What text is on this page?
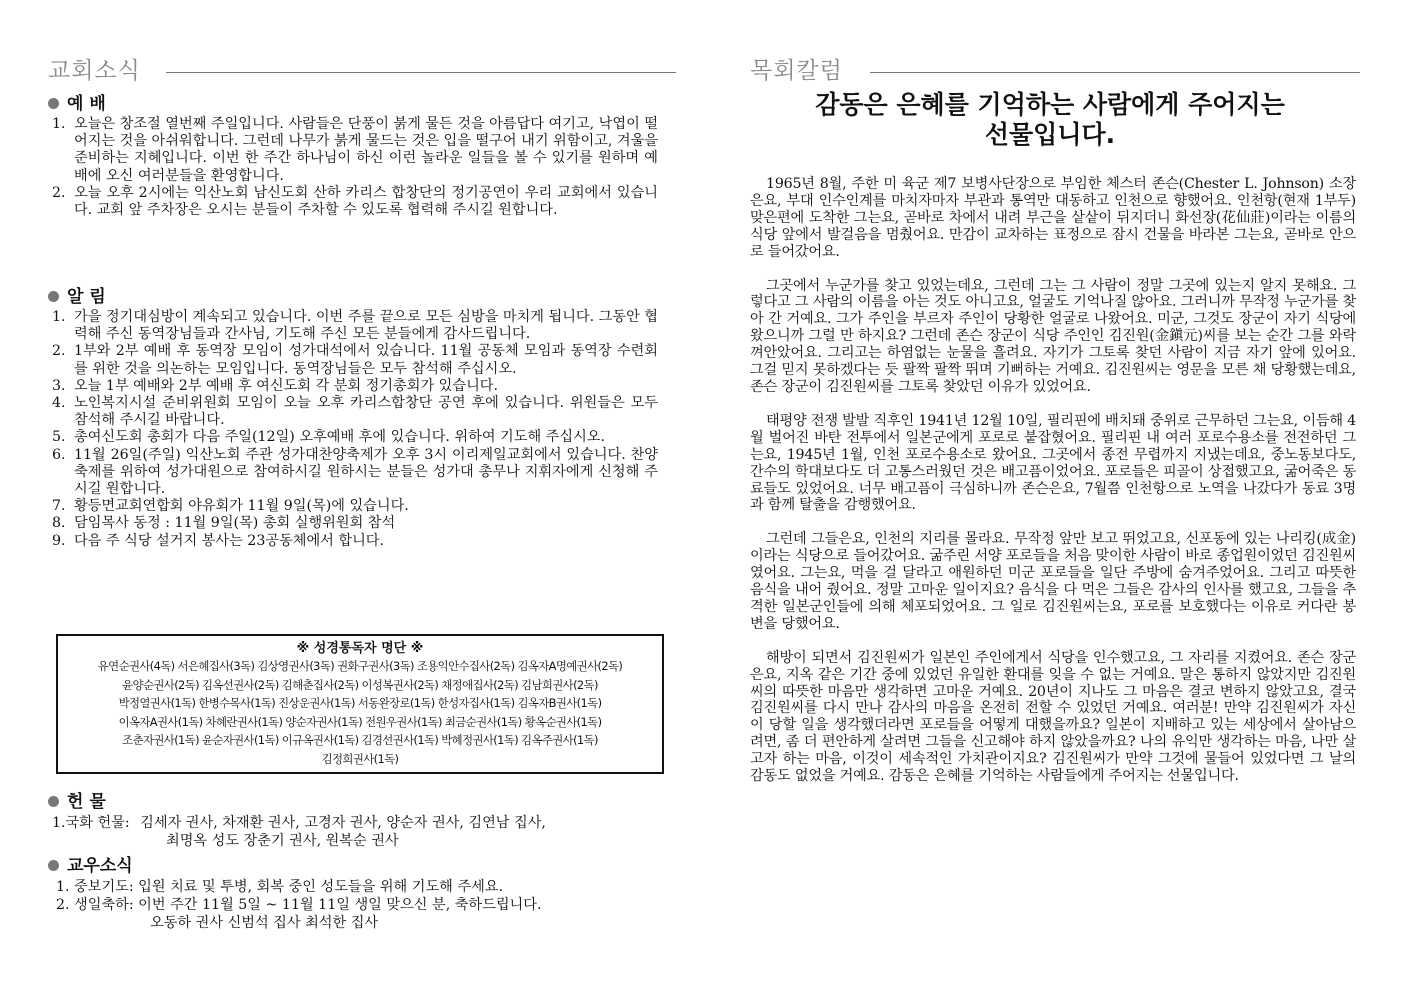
교회소식
예 배
1. 오늘은 창조절 열번째 주일입니다. 사람들은 단풍이 붉게 물든 것을 아름답다 여기고, 낙엽이 떨어지는 것을 아쉬워합니다. 그런데 나무가 붉게 물드는 것은 입을 떨구어 내기 위함이고, 겨울을 준비하는 지혜입니다. 이번 한 주간 하나님이 하신 이런 놀라운 일들을 볼 수 있기를 원하며 예배에 오신 여러분들을 환영합니다.
2. 오늘 오후 2시에는 익산노회 남신도회 산하 카리스 합창단의 정기공연이 우리 교회에서 있습니다. 교회 앞 주차장은 오시는 분들이 주차할 수 있도록 협력해 주시길 원합니다.
알 림
1. 가을 정기대심방이 계속되고 있습니다. 이번 주를 끝으로 모든 심방을 마치게 됩니다. 그동안 협력해 주신 동역장님들과 간사님, 기도해 주신 모든 분들에게 감사드립니다.
2. 1부와 2부 예배 후 동역장 모임이 성가대석에서 있습니다. 11월 공동체 모임과 동역장 수련회를 위한 것을 의논하는 모임입니다. 동역장님들은 모두 참석해 주십시오.
3. 오늘 1부 예배와 2부 예배 후 여신도회 각 분회 정기총회가 있습니다.
4. 노인복지시설 준비위원회 모임이 오늘 오후 카리스합창단 공연 후에 있습니다. 위원들은 모두 참석해 주시길 바랍니다.
5. 총여신도회 총회가 다음 주일(12일) 오후예배 후에 있습니다. 위하여 기도해 주십시오.
6. 11월 26일(주일) 익산노회 주관 성가대찬양축제가 오후 3시 이리제일교회에서 있습니다. 찬양축제를 위하여 성가대원으로 참여하시길 원하시는 분들은 성가대 총무나 지휘자에게 신청해 주시길 원합니다.
7. 황등면교회연합회 야유회가 11월 9일(목)에 있습니다.
8. 담임목사 동정 : 11월 9일(목) 총회 실행위원회 참석
9. 다음 주 식당 설거지 봉사는 23공동체에서 합니다.
※ 성경통독자 명단 ※
유연순권사(4독) 서은혜집사(3독) 김상영권사(3독) 권화구권사(3독) 조용익안수집사(2독) 김옥자A명예권사(2독)
윤양순권사(2독) 김옥선권사(2독) 김해춘집사(2독) 이성복권사(2독) 채정애집사(2독) 김남희권사(2독)
박정열권사(1독) 한병수목사(1독) 진상운권사(1독) 서동완장로(1독) 한성자집사(1독) 김옥자B권사(1독)
이옥자A권사(1독) 차혜란권사(1독) 양순자권사(1독) 전원우권사(1독) 최금순권사(1독) 황옥순권사(1독)
조춘자권사(1독) 윤순자권사(1독) 이규옥권사(1독) 김경선권사(1독) 박혜정권사(1독) 김옥주권사(1독)
김정희권사(1독)
헌 물
1.국화 헌물: 김세자 권사, 차재환 권사, 고경자 권사, 양순자 권사, 김연남 집사,
최명옥 성도 장춘기 권사, 원복순 권사
교우소식
1. 중보기도: 입원 치료 및 투병, 회복 중인 성도들을 위해 기도해 주세요.
2. 생일축하: 이번 주간 11월 5일 ~ 11월 11일 생일 맞으신 분, 축하드립니다.
오동하 권사 신범석 집사 최석한 집사
목회칼럼
감동은 은혜를 기억하는 사람에게 주어지는
선물입니다.

1965년 8월, 주한 미 육군 제7 보병사단장으로 부임한 체스터 존슨(Chester L. Johnson) 소장은요, 부대 인수인계를 마치자마자 부관과 통역만 대동하고 인천으로 향했어요. 인천항(현재 1부두) 맞은편에 도착한 그는요, 곧바로 차에서 내려 부근을 샅샅이 뒤지더니 화선장(花仙莊)이라는 이름의 식당 앞에서 발걸음을 멈췄어요. 만감이 교차하는 표정으로 잠시 건물을 바라본 그는요, 곧바로 안으로 들어갔어요.

그곳에서 누군가를 찾고 있었는데요, 그런데 그는 그 사람이 정말 그곳에 있는지 알지 못해요. 그렇다고 그 사람의 이름을 아는 것도 아니고요, 얼굴도 기억나질 않아요. 그러니까 무작정 누군가를 찾아 간 거예요. 그가 주인을 부르자 주인이 당황한 얼굴로 나왔어요. 미군, 그것도 장군이 자기 식당에 왔으니까 그럴 만 하지요? 그런데 존슨 장군이 식당 주인인 김진원(金鎭元)씨를 보는 순간 그를 와락 껴안았어요. 그리고는 하염없는 눈물을 흘려요. 자기가 그토록 찾던 사람이 지금 자기 앞에 있어요. 그걸 믿지 못하겠다는 듯 팔짝 팔짝 뛰며 기뻐하는 거예요. 김진원씨는 영문을 모른 채 당황했는데요, 존슨 장군이 김진원씨를 그토록 찾았던 이유가 있었어요.

태평양 전쟁 발발 직후인 1941년 12월 10일, 필리핀에 배치돼 중위로 근무하던 그는요, 이듬해 4월 벌어진 바탄 전투에서 일본군에게 포로로 붙잡혔어요. 필리핀 내 여러 포로수용소를 전전하던 그는요, 1945년 1월, 인천 포로수용소로 왔어요. 그곳에서 종전 무렵까지 지냈는데요, 중노동보다도, 간수의 학대보다도 더 고통스러웠던 것은 배고픔이었어요. 포로들은 피골이 상접했고요, 굶어죽은 동료들도 있었어요. 너무 배고픔이 극심하니까 존슨은요, 7월쯤 인천항으로 노역을 나갔다가 동료 3명과 함께 탈출을 감행했어요.

그런데 그들은요, 인천의 지리를 몰라요. 무작정 앞만 보고 뛰었고요, 신포동에 있는 나리킹(成金)이라는 식당으로 들어갔어요. 굶주린 서양 포로들을 처음 맞이한 사람이 바로 종업원이었던 김진원씨였어요. 그는요, 먹을 걸 달라고 애원하던 미군 포로들을 일단 주방에 숨겨주었어요. 그리고 따뜻한 음식을 내어 줬어요. 정말 고마운 일이지요? 음식을 다 먹은 그들은 감사의 인사를 했고요, 그들을 추격한 일본군인들에 의해 체포되었어요. 그 일로 김진원씨는요, 포로를 보호했다는 이유로 커다란 봉변을 당했어요.

해방이 되면서 김진원씨가 일본인 주인에게서 식당을 인수했고요, 그 자리를 지켰어요. 존슨 장군은요, 지옥 같은 기간 중에 있었던 유일한 환대를 잊을 수 없는 거예요. 말은 통하지 않았지만 김진원씨의 따뜻한 마음만 생각하면 고마운 거예요. 20년이 지나도 그 마음은 결코 변하지 않았고요, 결국 김진원씨를 다시 만나 감사의 마음을 온전히 전할 수 있었던 거예요. 여러분! 만약 김진원씨가 자신이 당할 일을 생각했더라면 포로들을 어떻게 대했을까요? 일본이 지배하고 있는 세상에서 살아남으려면, 좀 더 편안하게 살려면 그들을 신고해야 하지 않았을까요? 나의 유익만 생각하는 마음, 나만 살고자 하는 마음, 이것이 세속적인 가치관이지요? 김진원씨가 만약 그것에 물들어 있었다면 그 날의 감동도 없었을 거예요. 감동은 은혜를 기억하는 사람들에게 주어지는 선물입니다.
